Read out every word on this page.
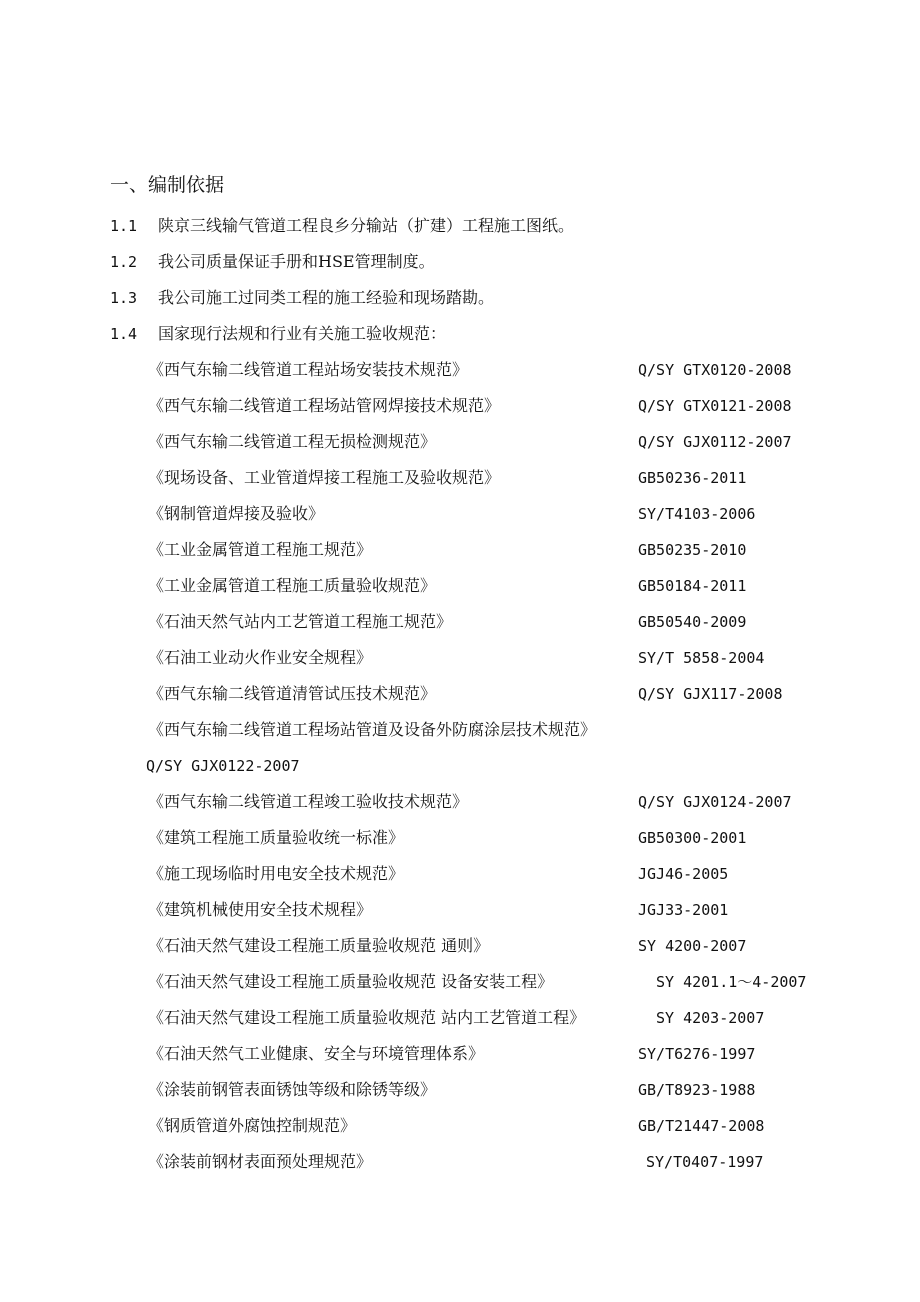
一、编制依据
1.1 陕京三线输气管道工程良乡分输站（扩建）工程施工图纸。
1.2 我公司质量保证手册和HSE管理制度。
1.3 我公司施工过同类工程的施工经验和现场踏勘。
1.4 国家现行法规和行业有关施工验收规范：
《西气东输二线管道工程站场安装技术规范》	Q/SY GTX0120-2008
《西气东输二线管道工程场站管网焊接技术规范》	Q/SY GTX0121-2008
《西气东输二线管道工程无损检测规范》	Q/SY GJX0112-2007
《现场设备、工业管道焊接工程施工及验收规范》	GB50236-2011
《钢制管道焊接及验收》	SY/T4103-2006
《工业金属管道工程施工规范》	GB50235-2010
《工业金属管道工程施工质量验收规范》	GB50184-2011
《石油天然气站内工艺管道工程施工规范》	GB50540-2009
《石油工业动火作业安全规程》	SY/T 5858-2004
《西气东输二线管道清管试压技术规范》	Q/SY GJX117-2008
《西气东输二线管道工程场站管道及设备外防腐涂层技术规范》
Q/SY GJX0122-2007
《西气东输二线管道工程竣工验收技术规范》	Q/SY GJX0124-2007
《建筑工程施工质量验收统一标准》	GB50300-2001
《施工现场临时用电安全技术规范》	JGJ46-2005
《建筑机械使用安全技术规程》	JGJ33-2001
《石油天然气建设工程施工质量验收规范 通则》	SY 4200-2007
《石油天然气建设工程施工质量验收规范 设备安装工程》	SY 4201.1～4-2007
《石油天然气建设工程施工质量验收规范 站内工艺管道工程》	SY 4203-2007
《石油天然气工业健康、安全与环境管理体系》	SY/T6276-1997
《涂装前钢管表面锈蚀等级和除锈等级》	GB/T8923-1988
《钢质管道外腐蚀控制规范》	GB/T21447-2008
《涂装前钢材表面预处理规范》	SY/T0407-1997
